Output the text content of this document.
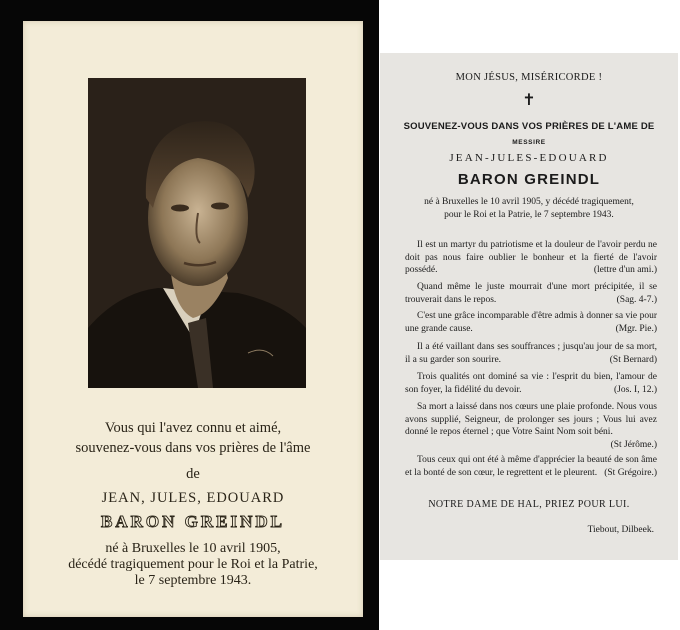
Vous qui l'avez connu et aimé,
souvenez-vous dans vos prières de l'âme
de
JEAN, JULES, EDOUARD
BARON GREINDL
né à Bruxelles le 10 avril 1905,
décédé tragiquement pour le Roi et la Patrie,
le 7 septembre 1943.
MON JÉSUS, MISÉRICORDE !
✝
SOUVENEZ-VOUS DANS VOS PRIÈRES DE L'AME DE
MESSIRE
JEAN-JULES-EDOUARD
BARON GREINDL
né à Bruxelles le 10 avril 1905, y décédé tragiquement,
pour le Roi et la Patrie, le 7 septembre 1943.
Il est un martyr du patriotisme et la douleur de l'avoir perdu ne doit pas nous faire oublier le bonheur et la fierté de l'avoir possédé.	(lettre d'un ami.)
Quand même le juste mourrait d'une mort précipitée, il se trouverait dans le repos.	(Sag. 4-7.)
C'est une grâce incomparable d'être admis à donner sa vie pour une grande cause.	(Mgr. Pie.)
Il a été vaillant dans ses souffrances ; jusqu'au jour de sa mort, il a su garder son sourire.	(St Bernard)
Trois qualités ont dominé sa vie : l'esprit du bien, l'amour de son foyer, la fidélité du devoir.	(Jos. I, 12.)
Sa mort a laissé dans nos cœurs une plaie profonde. Nous vous avons supplié, Seigneur, de prolonger ses jours ; Vous lui avez donné le repos éternel ; que Votre Saint Nom soit béni.
(St Jérôme.)
Tous ceux qui ont été à même d'apprécier la beauté de son âme et la bonté de son cœur, le regrettent et le pleurent. (St Grégoire.)
NOTRE DAME DE HAL, PRIEZ POUR LUI.
Tiebout, Dilbeek.
